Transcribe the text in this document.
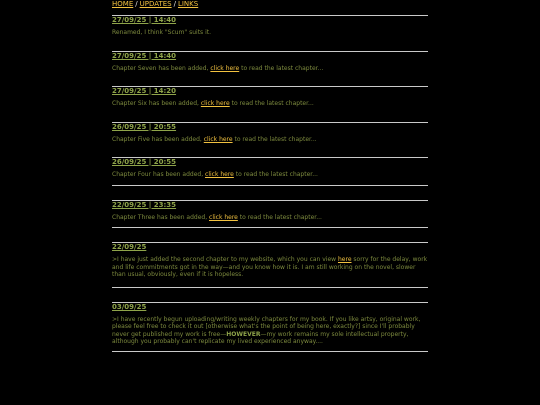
HOME / UPDATES / LINKS
27/09/25 | 14:40
Renamed, I think "Scum" suits it.
27/09/25 | 14:40
Chapter Seven has been added, click here to read the latest chapter...
27/09/25 | 14:20
Chapter Six has been added, click here to read the latest chapter...
26/09/25 | 20:55
Chapter Five has been added, click here to read the latest chapter...
26/09/25 | 20:55
Chapter Four has been added, click here to read the latest chapter...
22/09/25 | 23:35
Chapter Three has been added, click here to read the latest chapter...
22/09/25
>I have just added the second chapter to my website, which you can view here sorry for the delay, work and life commitments got in the way—and you know how it is. I am still working on the novel, slower than usual, obviously, even if it is hopeless.
03/09/25
>I have recently begun uploading/writing weekly chapters for my book. If you like artsy, original work, please feel free to check it out [otherwise what's the point of being here, exactly?] since I'll probably never get published my work is free—HOWEVER—my work remains my sole intellectual property, although you probably can't replicate my lived experienced anyway....
